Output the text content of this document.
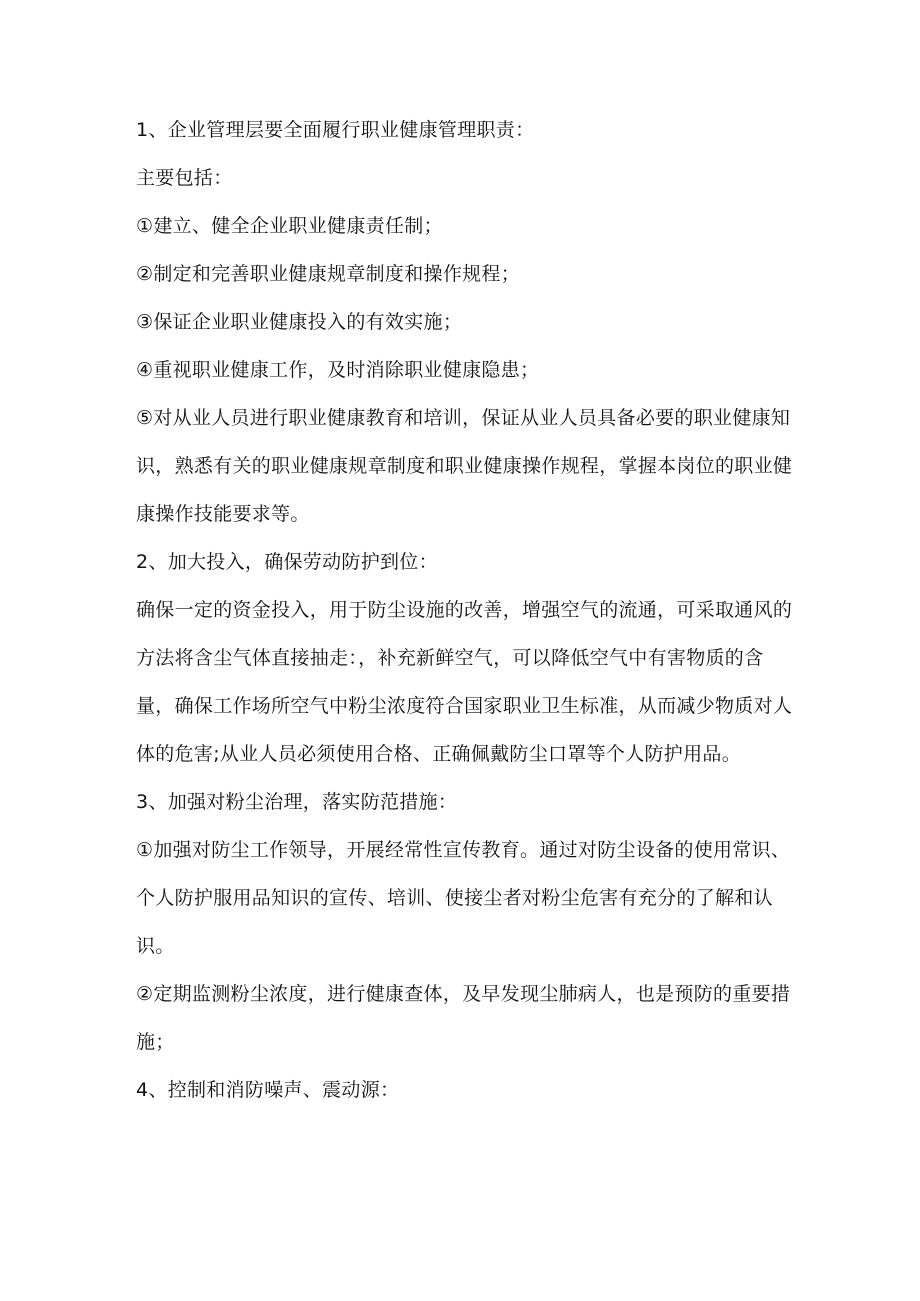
1、企业管理层要全面履行职业健康管理职责：

主要包括：

①建立、健全企业职业健康责任制；

②制定和完善职业健康规章制度和操作规程；

③保证企业职业健康投入的有效实施；

④重视职业健康工作，及时消除职业健康隐患；

⑤对从业人员进行职业健康教育和培训，保证从业人员具备必要的职业健康知识，熟悉有关的职业健康规章制度和职业健康操作规程，掌握本岗位的职业健康操作技能要求等。

2、加大投入，确保劳动防护到位：

确保一定的资金投入，用于防尘设施的改善，增强空气的流通，可采取通风的方法将含尘气体直接抽走：，补充新鲜空气，可以降低空气中有害物质的含量，确保工作场所空气中粉尘浓度符合国家职业卫生标准，从而减少物质对人体的危害;从业人员必须使用合格、正确佩戴防尘口罩等个人防护用品。

3、加强对粉尘治理，落实防范措施：

①加强对防尘工作领导，开展经常性宣传教育。通过对防尘设备的使用常识、个人防护服用品知识的宣传、培训、使接尘者对粉尘危害有充分的了解和认识。

②定期监测粉尘浓度，进行健康查体，及早发现尘肺病人，也是预防的重要措施；

4、控制和消防噪声、震动源：
